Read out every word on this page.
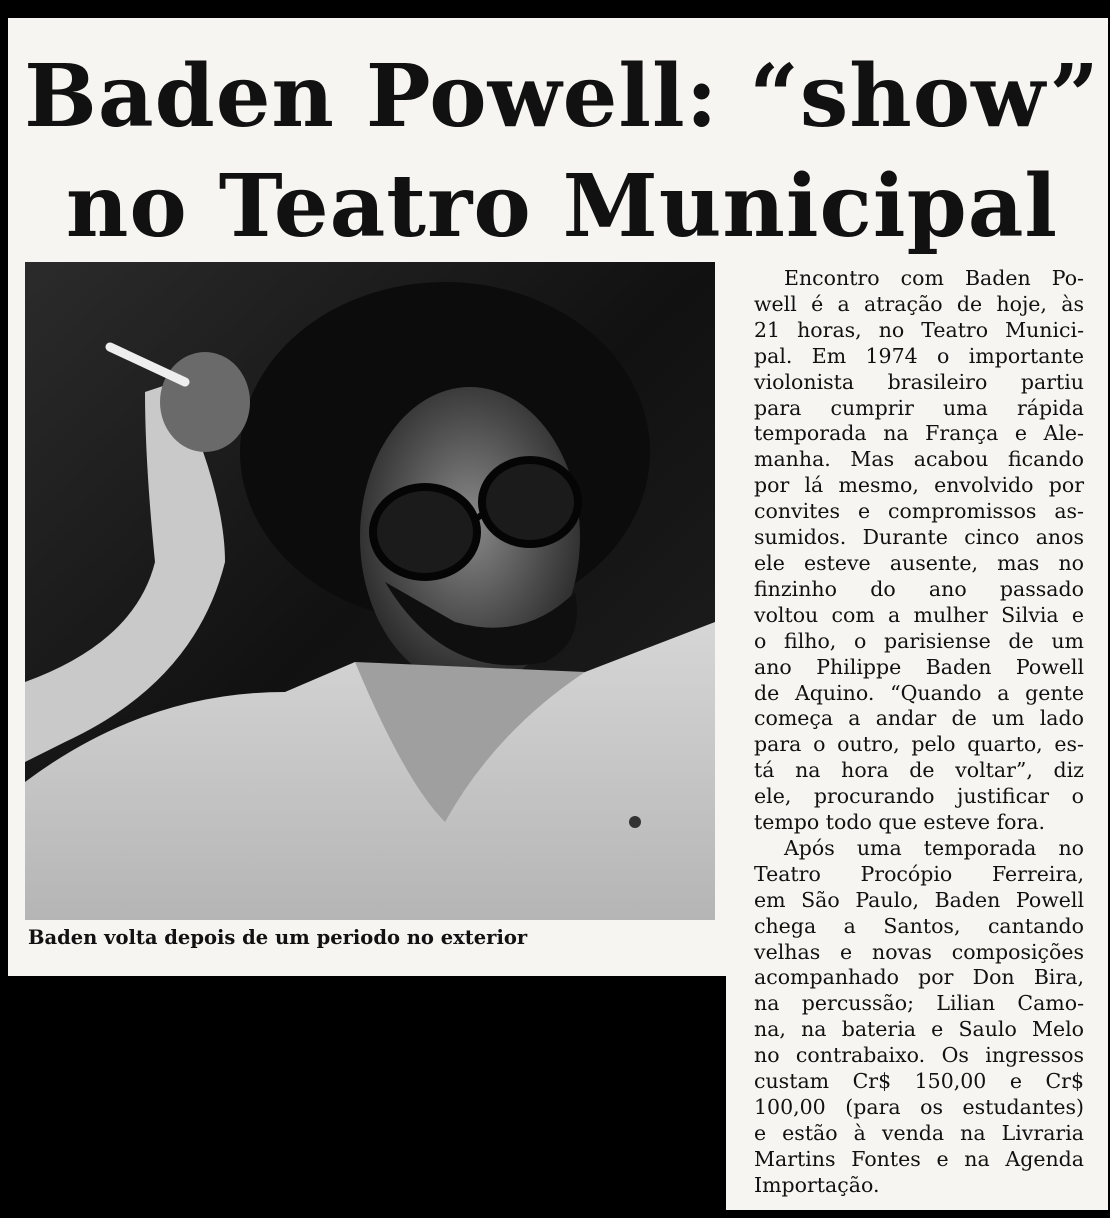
Baden Powell: “show”
no Teatro Municipal
Baden volta depois de um periodo no exterior
Encontro com Baden Po-
well é a atração de hoje, às
21 horas, no Teatro Munici-
pal. Em 1974 o importante
violonista brasileiro partiu
para cumprir uma rápida
temporada na França e Ale-
manha. Mas acabou ficando
por lá mesmo, envolvido por
convites e compromissos as-
sumidos. Durante cinco anos
ele esteve ausente, mas no
finzinho do ano passado
voltou com a mulher Silvia e
o filho, o parisiense de um
ano Philippe Baden Powell
de Aquino. “Quando a gente
começa a andar de um lado
para o outro, pelo quarto, es-
tá na hora de voltar”, diz
ele, procurando justificar o
tempo todo que esteve fora.
Após uma temporada no
Teatro Procópio Ferreira,
em São Paulo, Baden Powell
chega a Santos, cantando
velhas e novas composições
acompanhado por Don Bira,
na percussão; Lilian Camo-
na, na bateria e Saulo Melo
no contrabaixo. Os ingressos
custam Cr$ 150,00 e Cr$
100,00 (para os estudantes)
e estão à venda na Livraria
Martins Fontes e na Agenda
Importação.
